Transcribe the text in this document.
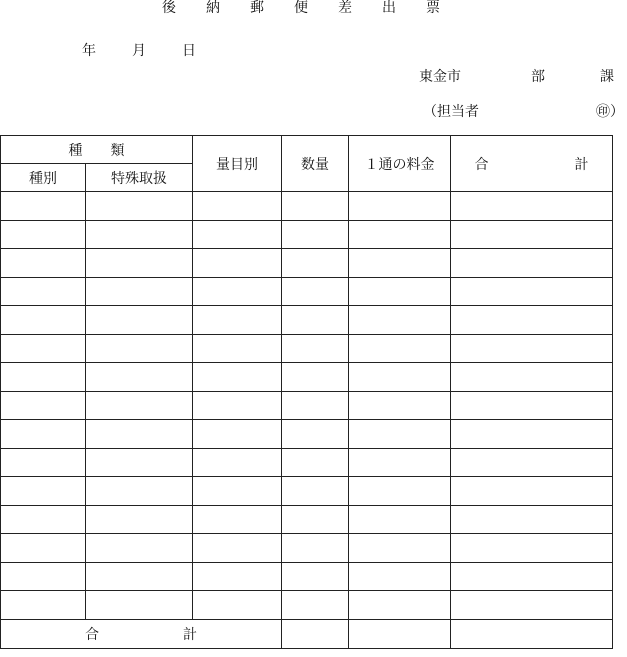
後 納 郵 便 差 出 票
年	月	日
東金市	部	課
（担当者	㊞ ）
種 類		量目別	数量	１通の料金	合 計
種別	特殊取扱				

合 計					
